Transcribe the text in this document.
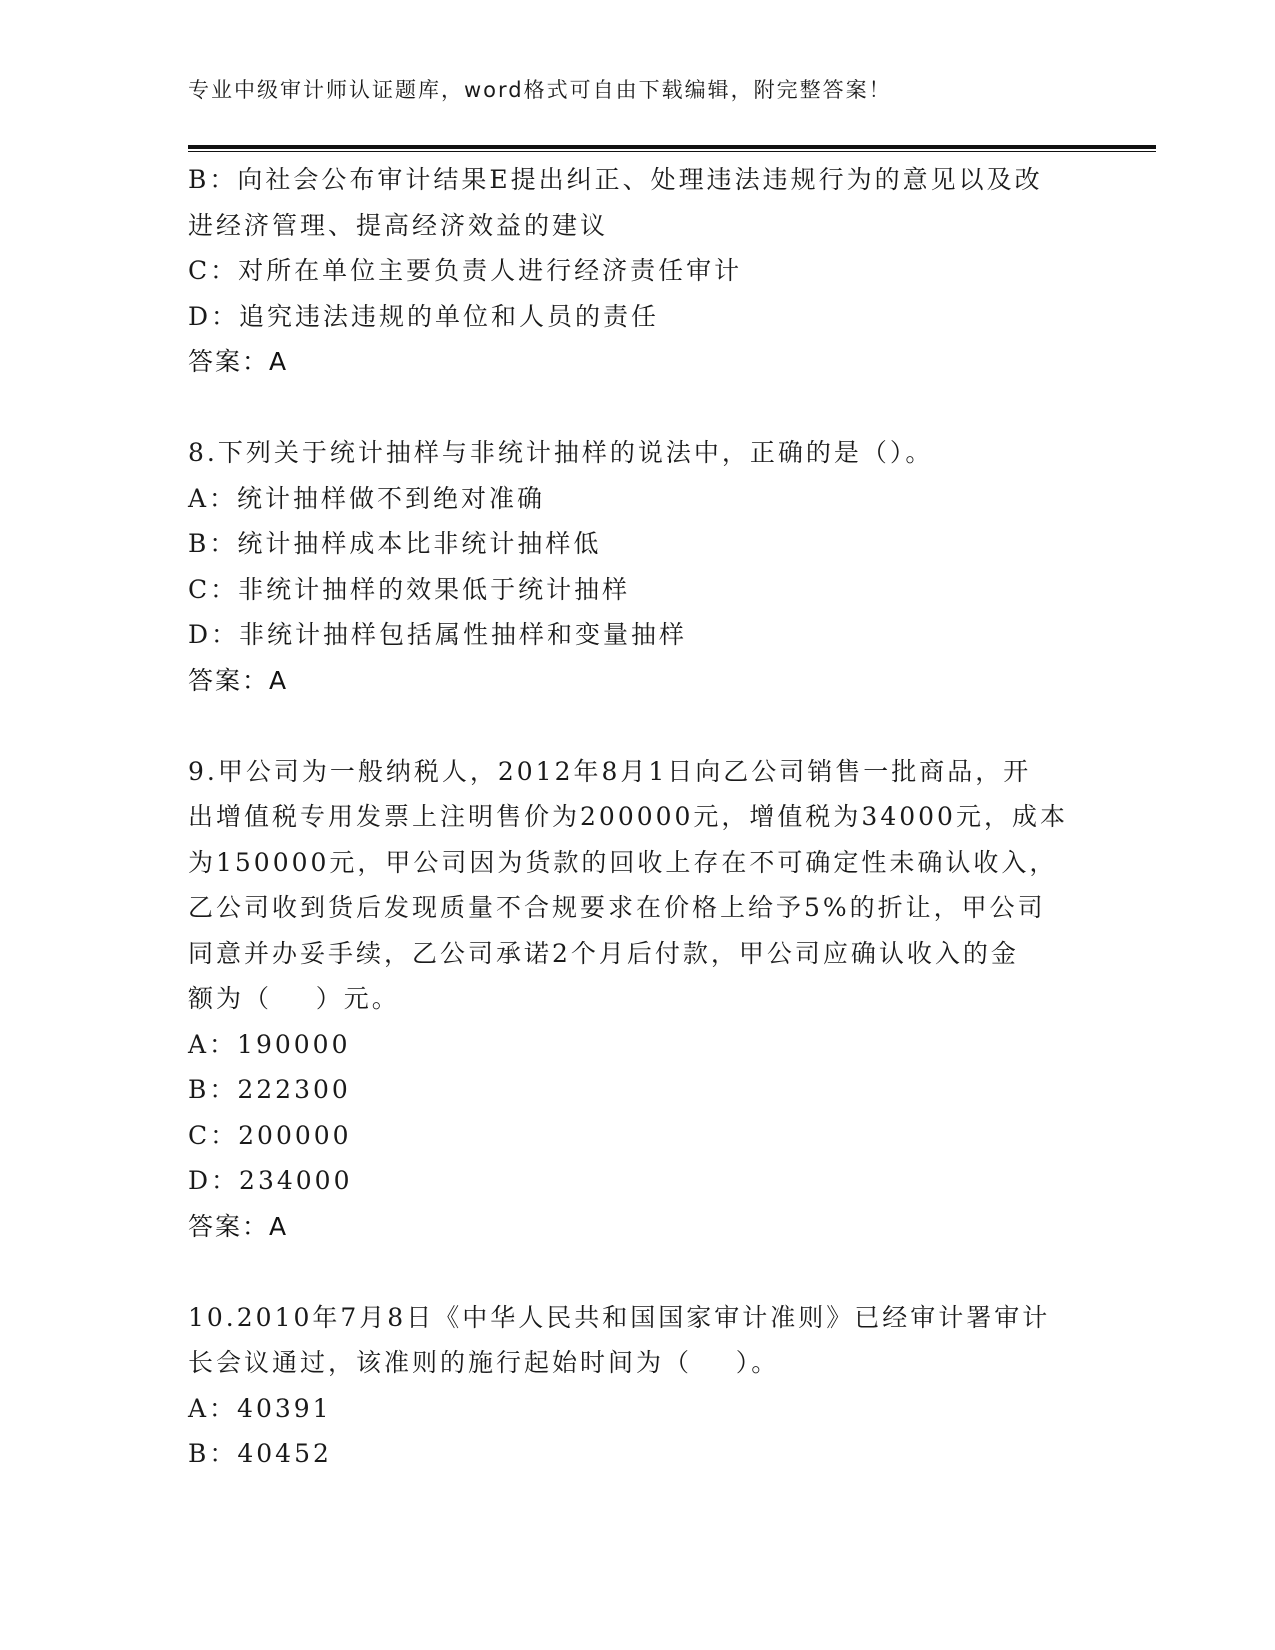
专业中级审计师认证题库，word格式可自由下载编辑，附完整答案！
B：向社会公布审计结果E提出纠正、处理违法违规行为的意见以及改
进经济管理、提高经济效益的建议
C：对所在单位主要负责人进行经济责任审计
D：追究违法违规的单位和人员的责任
答案：A
8.下列关于统计抽样与非统计抽样的说法中，正确的是（）。
A：统计抽样做不到绝对准确
B：统计抽样成本比非统计抽样低
C：非统计抽样的效果低于统计抽样
D：非统计抽样包括属性抽样和变量抽样
答案：A
9.甲公司为一般纳税人，2012年8月1日向乙公司销售一批商品，开
出增值税专用发票上注明售价为200000元，增值税为34000元，成本
为150000元，甲公司因为货款的回收上存在不可确定性未确认收入，
乙公司收到货后发现质量不合规要求在价格上给予5%的折让，甲公司
同意并办妥手续，乙公司承诺2个月后付款，甲公司应确认收入的金
额为（    ）元。
A：190000
B：222300
C：200000
D：234000
答案：A
10.2010年7月8日《中华人民共和国国家审计准则》已经审计署审计
长会议通过，该准则的施行起始时间为（    ）。
A：40391
B：40452
